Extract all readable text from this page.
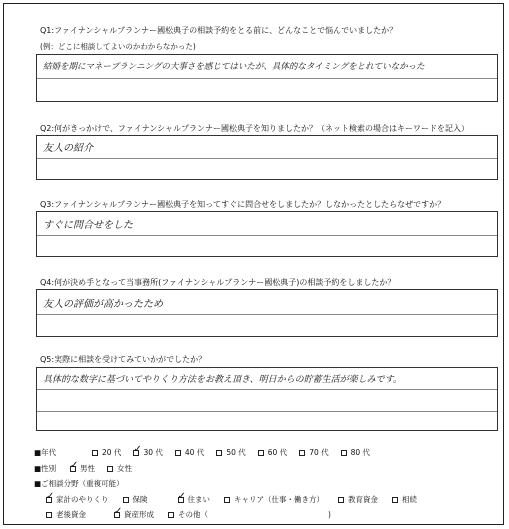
Q1:ファイナンシャルプランナー國松典子の相談予約をとる前に、どんなことで悩んでいましたか？
(例：どこに相談してよいのかわからなかった)
結婚を期にマネープランニングの大事さを感じてはいたが、具体的なタイミングをとれていなかった
Q2:何がきっかけで、ファイナンシャルプランナー國松典子を知りましたか？（ネット検索の場合はキーワードを記入）
友人の紹介
Q3:ファイナンシャルプランナー國松典子を知ってすぐに問合せをしましたか？しなかったとしたらなぜですか？
すぐに問合せをした
Q4:何が決め手となって当事務所(ファイナンシャルプランナー國松典子)の相談予約をしましたか？
友人の評価が高かったため
Q5:実際に相談を受けてみていかがでしたか？
具体的な数字に基づいてやりくり方法をお教え頂き、明日からの貯蓄生活が楽しみです。
■年代	20 代 ✓ 30 代	40 代	50 代	60 代	70 代	80 代
■性別	✓ 男性	女性
■ご相談分野（重複可能）
✓ 家計のやりくり	保険	✓ 住まい	キャリア（仕事・働き方）	教育資金	相続
老後資金	✓ 資産形成	その他（	)
